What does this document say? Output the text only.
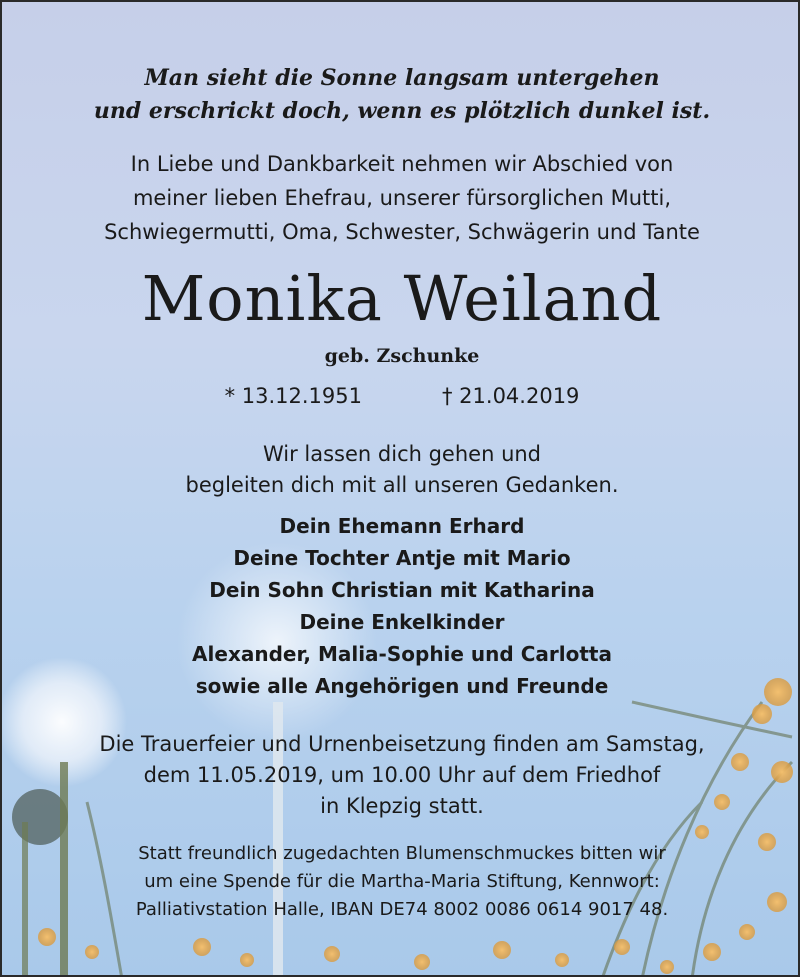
Man sieht die Sonne langsam untergehen

und erschrickt doch, wenn es plötzlich dunkel ist.

In Liebe und Dankbarkeit nehmen wir Abschied von

meiner lieben Ehefrau, unserer fürsorglichen Mutti,

Schwiegermutti, Oma, Schwester, Schwägerin und Tante

Monika Weiland

geb. Zschunke

* 13.12.1951	† 21.04.2019

Wir lassen dich gehen und

begleiten dich mit all unseren Gedanken.

Dein Ehemann Erhard

Deine Tochter Antje mit Mario

Dein Sohn Christian mit Katharina

Deine Enkelkinder

Alexander, Malia-Sophie und Carlotta

sowie alle Angehörigen und Freunde

Die Trauerfeier und Urnenbeisetzung finden am Samstag,

dem 11.05.2019, um 10.00 Uhr auf dem Friedhof

in Klepzig statt.

Statt freundlich zugedachten Blumenschmuckes bitten wir

um eine Spende für die Martha-Maria Stiftung, Kennwort:

Palliativstation Halle, IBAN DE74 8002 0086 0614 9017 48.
